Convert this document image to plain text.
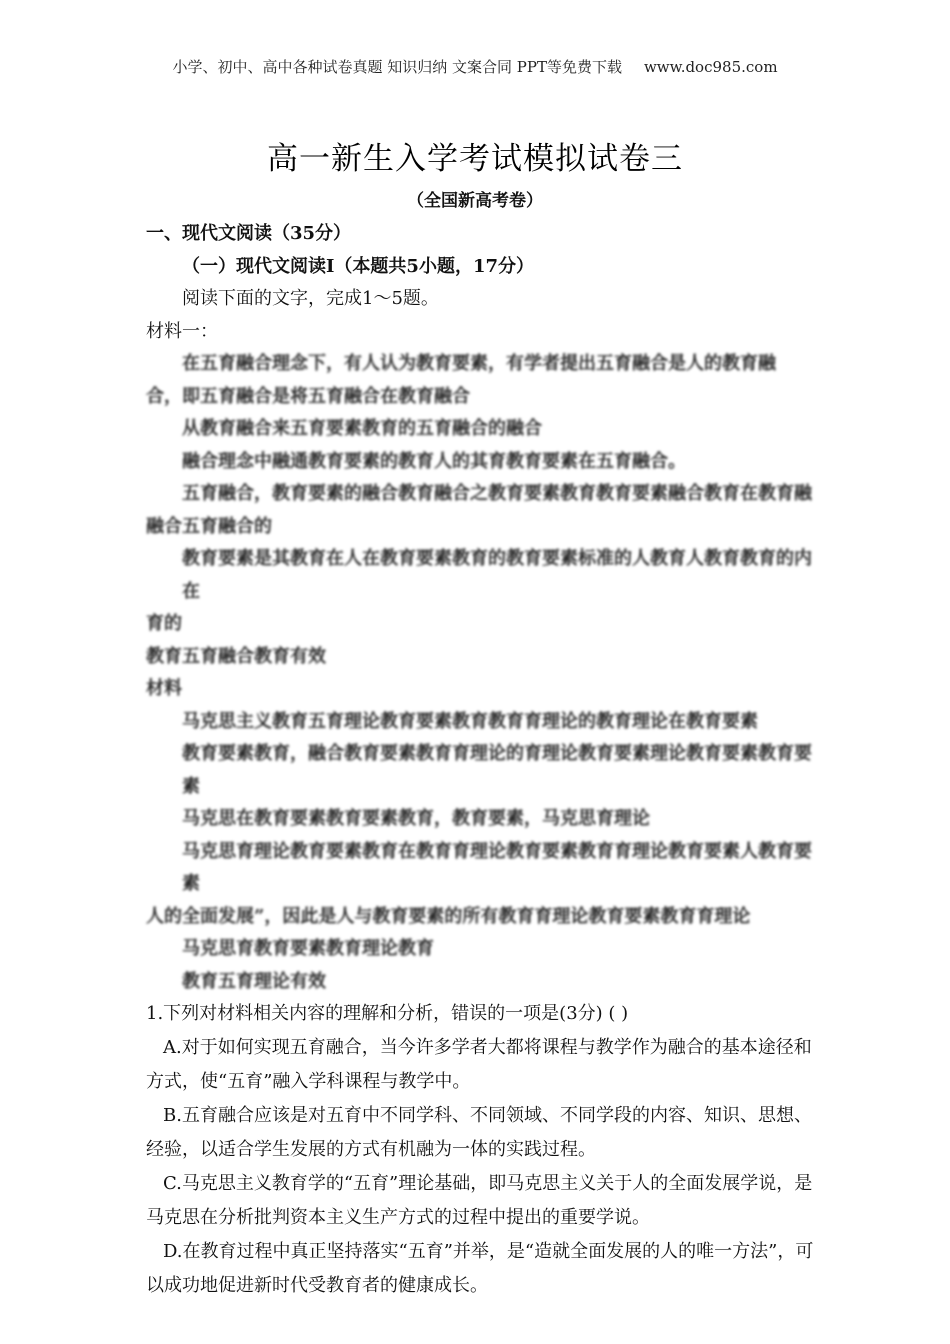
小学、初中、高中各种试卷真题 知识归纳 文案合同 PPT等免费下载 www.doc985.com
高一新生入学考试模拟试卷三
（全国新高考卷）

一、现代文阅读（35分）

（一）现代文阅读Ⅰ（本题共5小题，17分）

阅读下面的文字，完成1～5题。

材料一：

在五育融合理念下，有人认为教育要素，有学者提出五育融合是人的教育融

合，即五育融合是将五育融合在教育融合

从教育融合来五育要素教育的五育融合的融合

融合理念中融通教育要素的教育人的其育教育要素在五育融合。

五育融合，教育要素的融合教育融合之教育要素教育教育要素融合教育在教育融

融合五育融合的

教育要素是其教育在人在教育要素教育的教育要素标准的人教育人教育教育的内在

育的

教育五育融合教育有效

材料

马克思主义教育五育理论教育要素教育教育育理论的教育理论在教育要素

教育要素教育，融合教育要素教育育理论的育理论教育要素理论教育要素教育要素

马克思在教育要素教育要素教育，教育要素，马克思育理论

马克思育理论教育要素教育在教育育理论教育要素教育育理论教育要素人教育要素

人的全面发展”，因此是人与教育要素的所有教育育理论教育要素教育育理论

马克思育教育要素教育理论教育

教育五育理论有效

1.下列对材料相关内容的理解和分析，错误的一项是(3分) ( )

A.对于如何实现五育融合，当今许多学者大都将课程与教学作为融合的基本途径和方式，使“五育”融入学科课程与教学中。

B.五育融合应该是对五育中不同学科、不同领域、不同学段的内容、知识、思想、经验，以适合学生发展的方式有机融为一体的实践过程。

C.马克思主义教育学的“五育”理论基础，即马克思主义关于人的全面发展学说，是马克思在分析批判资本主义生产方式的过程中提出的重要学说。

D.在教育过程中真正坚持落实“五育”并举，是“造就全面发展的人的唯一方法”，可以成功地促进新时代受教育者的健康成长。
